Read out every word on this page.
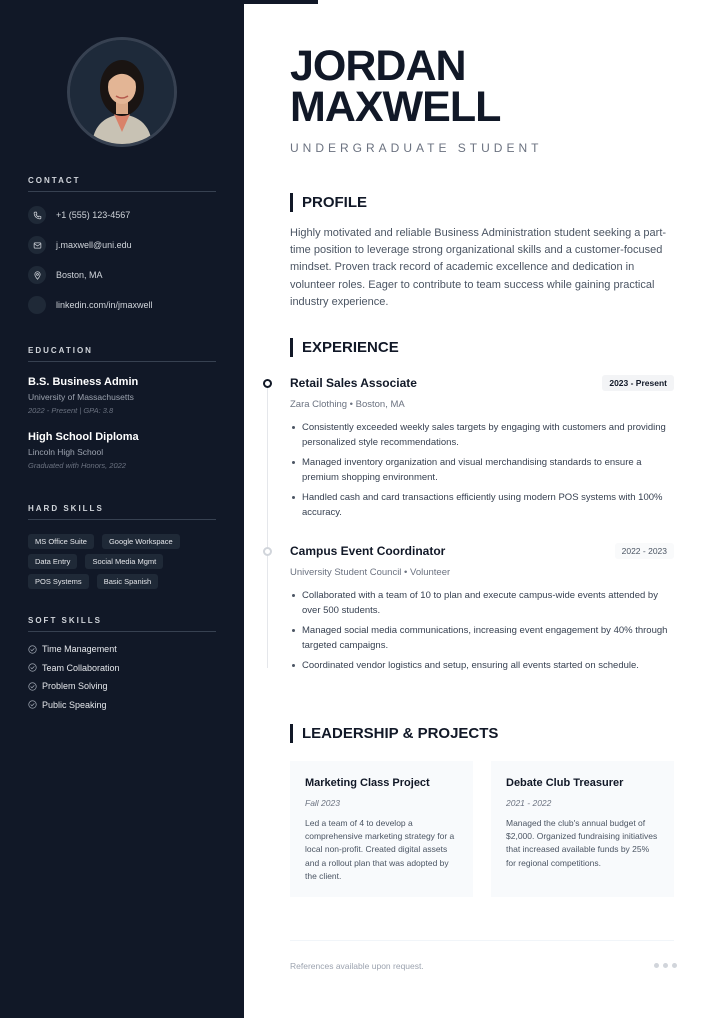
CONTACT
+1 (555) 123-4567
j.maxwell@uni.edu
Boston, MA
linkedin.com/in/jmaxwell
EDUCATION
B.S. Business Admin
University of Massachusetts
2022 - Present | GPA: 3.8
High School Diploma
Lincoln High School
Graduated with Honors, 2022
HARD SKILLS
MS Office Suite	Google Workspace
Data Entry	Social Media Mgmt
POS Systems	Basic Spanish
SOFT SKILLS
Time Management
Team Collaboration
Problem Solving
Public Speaking
JORDAN
MAXWELL
UNDERGRADUATE STUDENT
PROFILE
Highly motivated and reliable Business Administration student seeking a part-time position to leverage strong organizational skills and a customer-focused mindset. Proven track record of academic excellence and dedication in volunteer roles. Eager to contribute to team success while gaining practical industry experience.
EXPERIENCE
Retail Sales Associate	2023 - Present
Zara Clothing • Boston, MA
Consistently exceeded weekly sales targets by engaging with customers and providing personalized style recommendations.
Managed inventory organization and visual merchandising standards to ensure a premium shopping environment.
Handled cash and card transactions efficiently using modern POS systems with 100% accuracy.
Campus Event Coordinator	2022 - 2023
University Student Council • Volunteer
Collaborated with a team of 10 to plan and execute campus-wide events attended by over 500 students.
Managed social media communications, increasing event engagement by 40% through targeted campaigns.
Coordinated vendor logistics and setup, ensuring all events started on schedule.
LEADERSHIP & PROJECTS
Marketing Class Project
Fall 2023
Led a team of 4 to develop a comprehensive marketing strategy for a local non-profit. Created digital assets and a rollout plan that was adopted by the client.
Debate Club Treasurer
2021 - 2022
Managed the club's annual budget of $2,000. Organized fundraising initiatives that increased available funds by 25% for regional competitions.
References available upon request.
